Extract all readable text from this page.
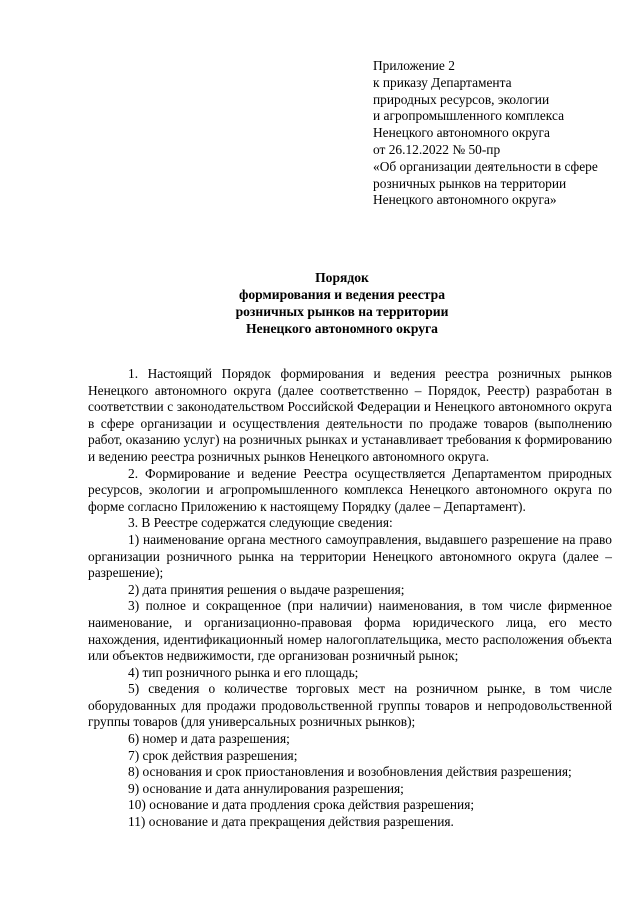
Приложение 2
к приказу Департамента
природных ресурсов, экологии
и агропромышленного комплекса
Ненецкого автономного округа
от 26.12.2022 № 50-пр
«Об организации деятельности в сфере
розничных рынков на территории
Ненецкого автономного округа»
Порядок
формирования и ведения реестра
розничных рынков на территории
Ненецкого автономного округа

1. Настоящий Порядок формирования и ведения реестра розничных рынков Ненецкого автономного округа (далее соответственно – Порядок, Реестр) разработан в соответствии с законодательством Российской Федерации и Ненецкого автономного округа в сфере организации и осуществления деятельности по продаже товаров (выполнению работ, оказанию услуг) на розничных рынках и устанавливает требования к формированию и ведению реестра розничных рынков Ненецкого автономного округа.

2. Формирование и ведение Реестра осуществляется Департаментом природных ресурсов, экологии и агропромышленного комплекса Ненецкого автономного округа по форме согласно Приложению к настоящему Порядку (далее – Департамент).

3. В Реестре содержатся следующие сведения:

1) наименование органа местного самоуправления, выдавшего разрешение на право организации розничного рынка на территории Ненецкого автономного округа (далее – разрешение);

2) дата принятия решения о выдаче разрешения;

3) полное и сокращенное (при наличии) наименования, в том числе фирменное наименование, и организационно-правовая форма юридического лица, его место нахождения, идентификационный номер налогоплательщика, место расположения объекта или объектов недвижимости, где организован розничный рынок;

4) тип розничного рынка и его площадь;

5) сведения о количестве торговых мест на розничном рынке, в том числе оборудованных для продажи продовольственной группы товаров и непродовольственной группы товаров (для универсальных розничных рынков);

6) номер и дата разрешения;

7) срок действия разрешения;

8) основания и срок приостановления и возобновления действия разрешения;

9) основание и дата аннулирования разрешения;

10) основание и дата продления срока действия разрешения;

11) основание и дата прекращения действия разрешения.
